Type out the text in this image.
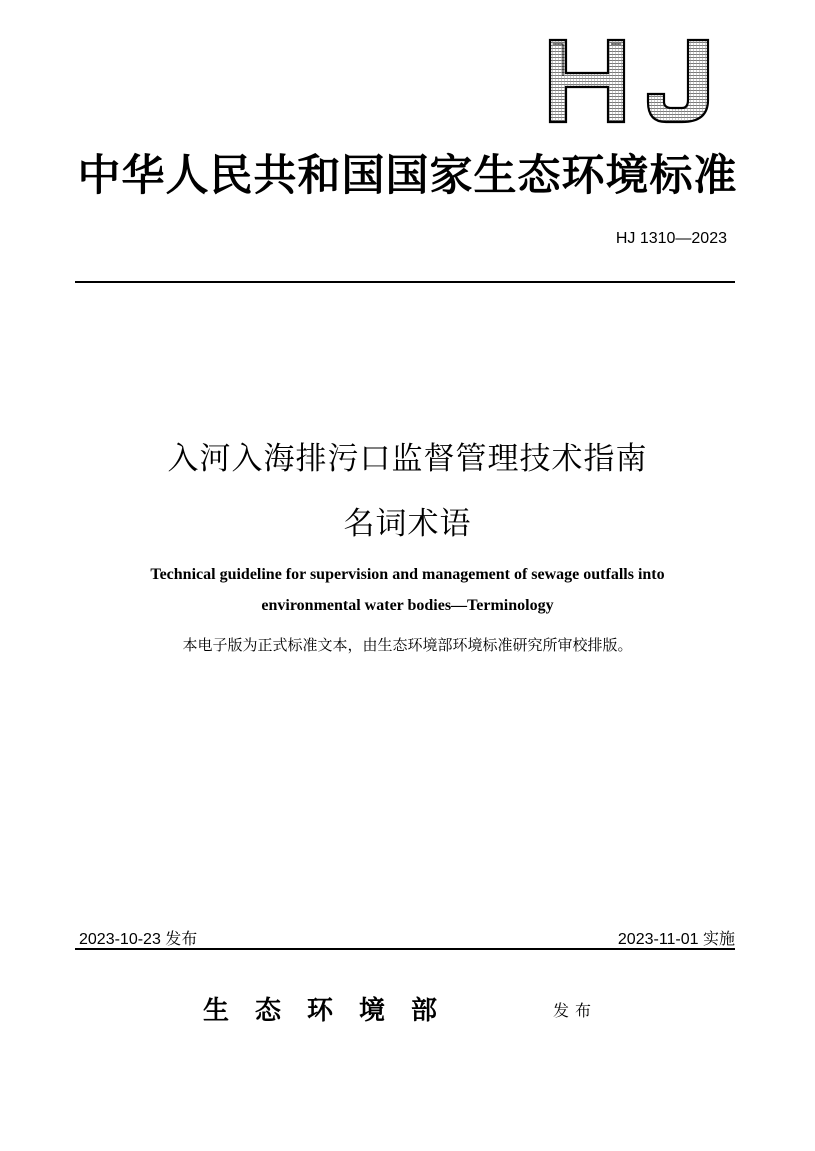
中华人民共和国国家生态环境标准
HJ 1310—2023
入河入海排污口监督管理技术指南
名词术语
Technical guideline for supervision and management of sewage outfalls into
environmental water bodies—Terminology
本电子版为正式标准文本，由生态环境部环境标准研究所审校排版。
2023-10-23 发布	2023-11-01 实施
生态环境部	发布
